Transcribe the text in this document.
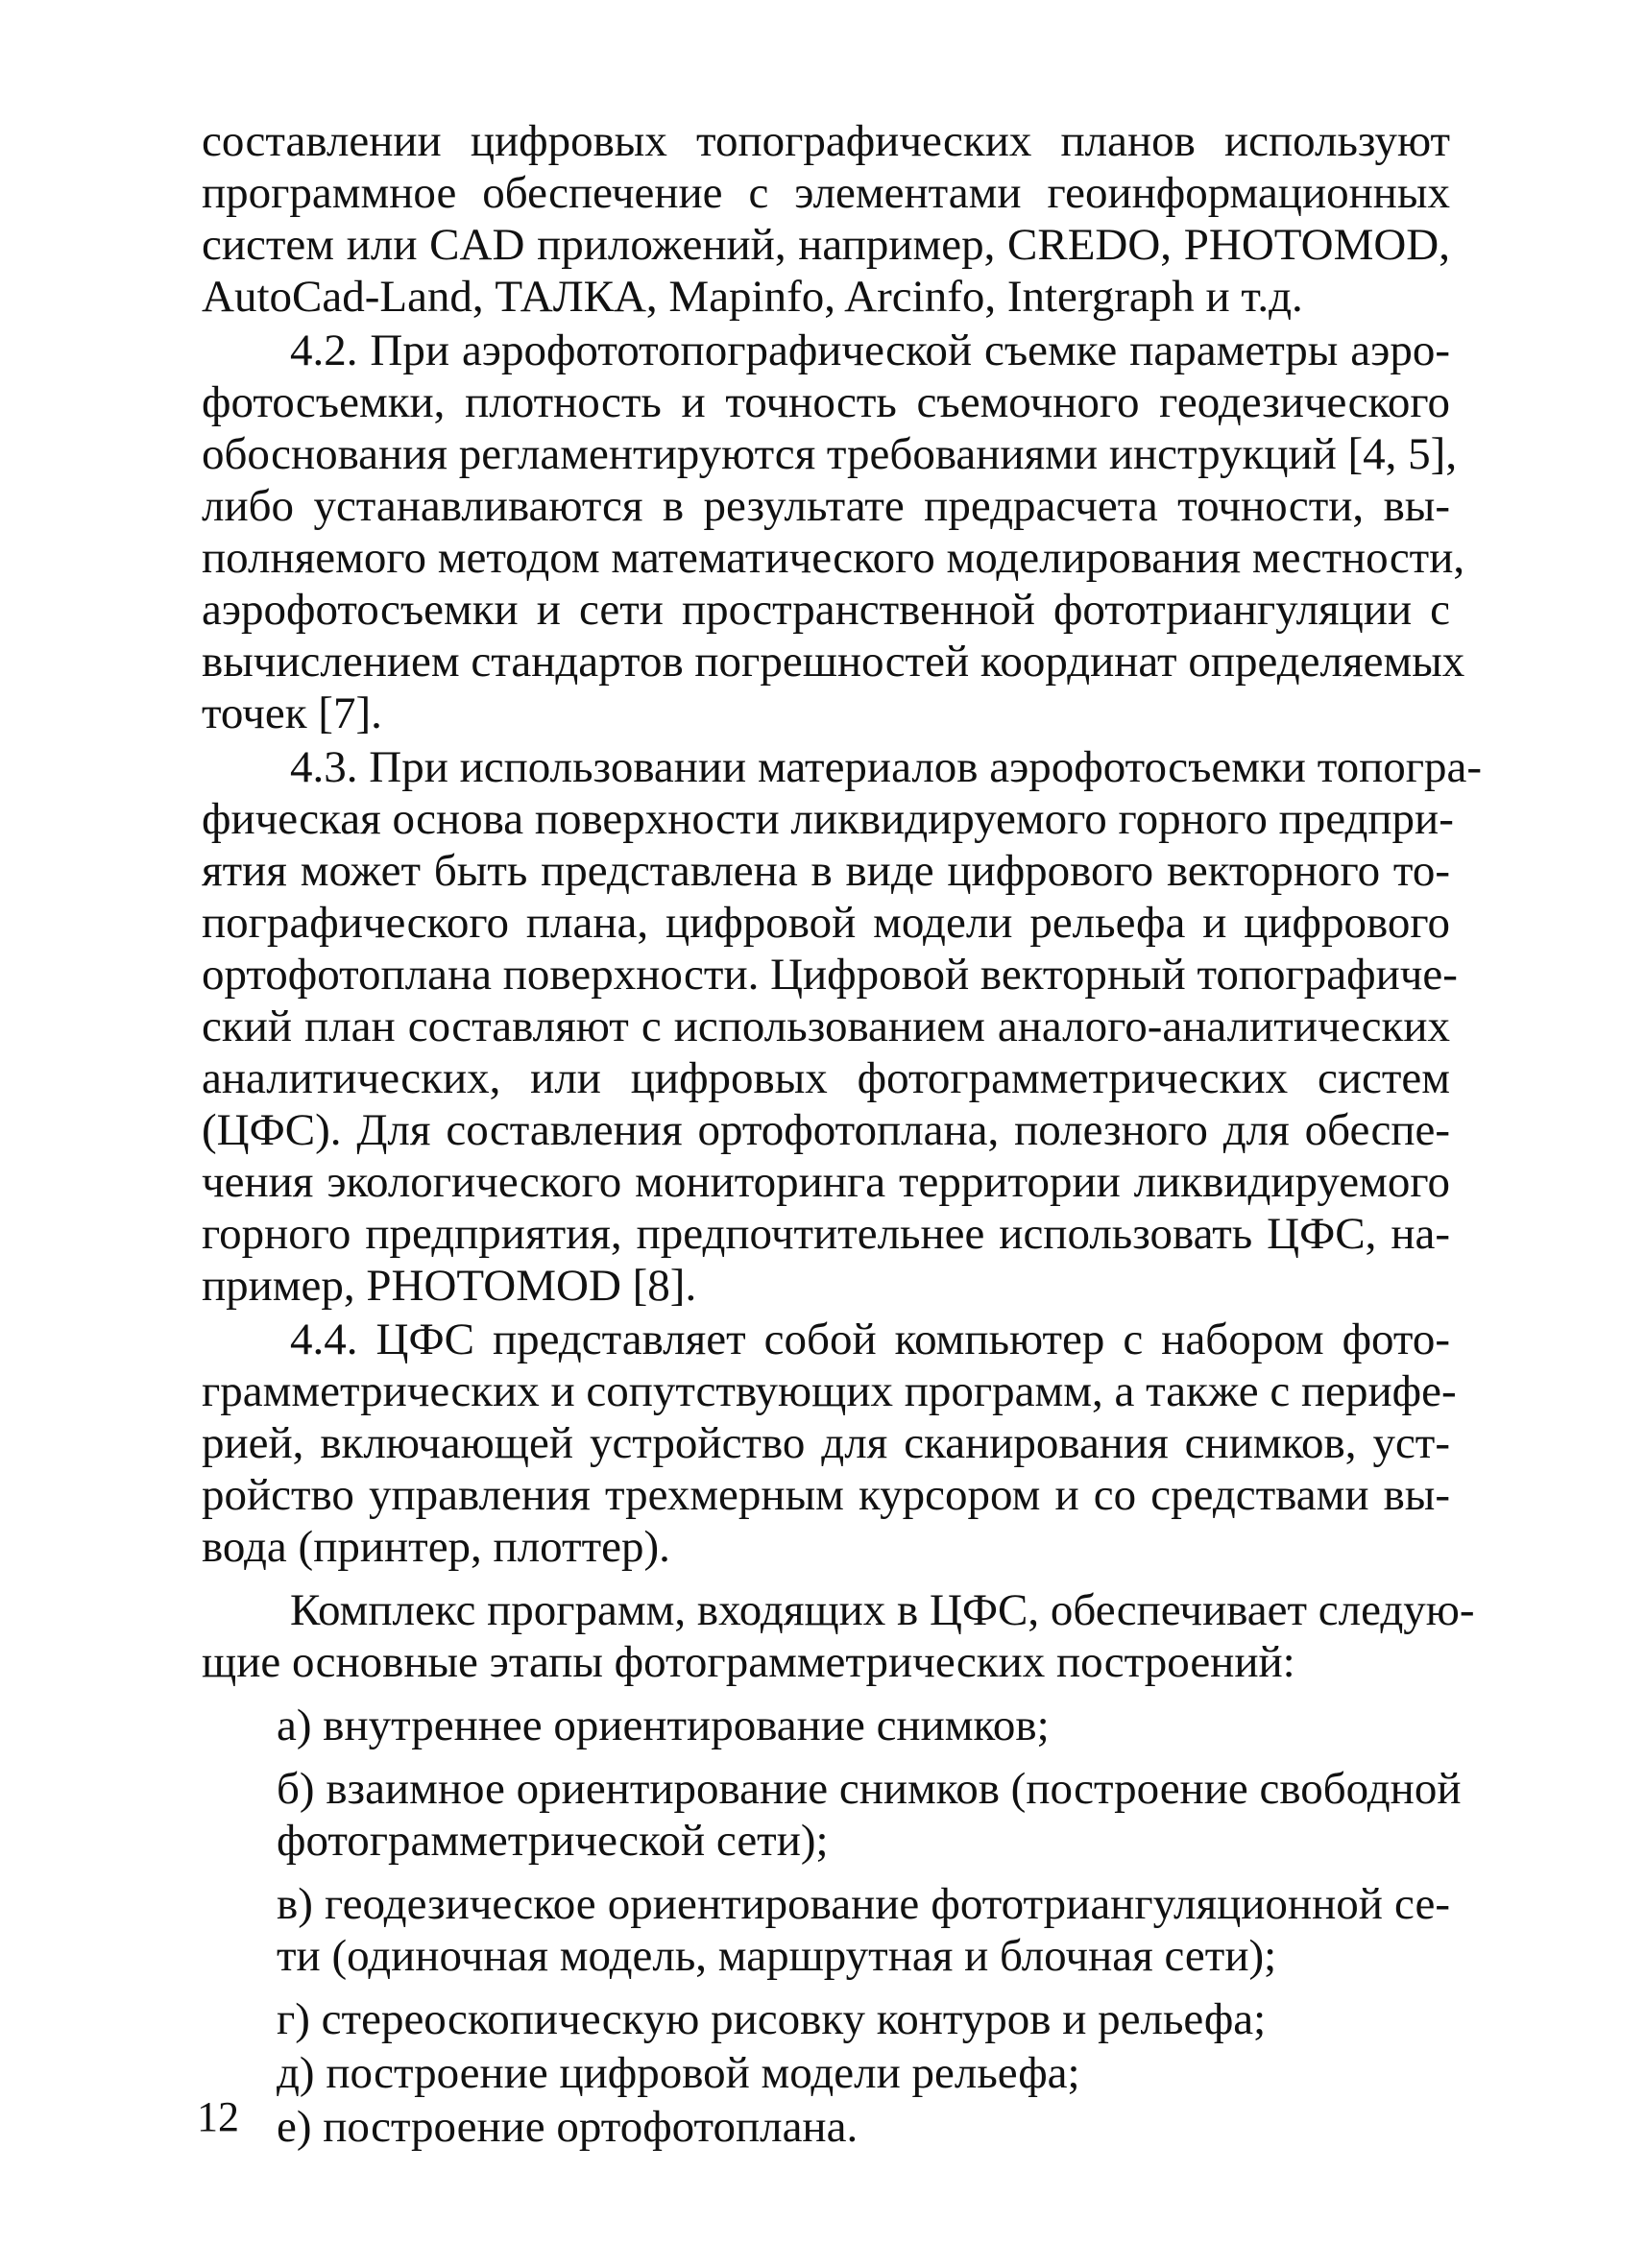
составлении цифровых топографических планов используют
программное обеспечение с элементами геоинформационных
систем или CAD приложений, например, CREDO, PHOTOMOD,
AutoCad-Land, ТАЛКА, Mapinfo, Arcinfo, Intergraph и т.д.
4.2. При аэрофототопографической съемке параметры аэро-
фотосъемки, плотность и точность съемочного геодезического
обоснования регламентируются требованиями инструкций [4, 5],
либо устанавливаются в результате предрасчета точности, вы-
полняемого методом математического моделирования местности,
аэрофотосъемки и сети пространственной фототриангуляции с
вычислением стандартов погрешностей координат определяемых
точек [7].
4.3. При использовании материалов аэрофотосъемки топогра-
фическая основа поверхности ликвидируемого горного предпри-
ятия может быть представлена в виде цифрового векторного то-
пографического плана, цифровой модели рельефа и цифрового
ортофотоплана поверхности. Цифровой векторный топографиче-
ский план составляют с использованием аналого-аналитических
аналитических, или цифровых фотограмметрических систем
(ЦФС). Для составления ортофотоплана, полезного для обеспе-
чения экологического мониторинга территории ликвидируемого
горного предприятия, предпочтительнее использовать ЦФС, на-
пример, PHOTOMOD [8].
4.4. ЦФС представляет собой компьютер с набором фото-
грамметрических и сопутствующих программ, а также с перифе-
рией, включающей устройство для сканирования снимков, уст-
ройство управления трехмерным курсором и со средствами вы-
вода (принтер, плоттер).
Комплекс программ, входящих в ЦФС, обеспечивает следую-
щие основные этапы фотограмметрических построений:
а) внутреннее ориентирование снимков;
б) взаимное ориентирование снимков (построение свободной
фотограмметрической сети);
в) геодезическое ориентирование фототриангуляционной се-
ти (одиночная модель, маршрутная и блочная сети);
г) стереоскопическую рисовку контуров и рельефа;
д) построение цифровой модели рельефа;
е) построение ортофотоплана.
12
